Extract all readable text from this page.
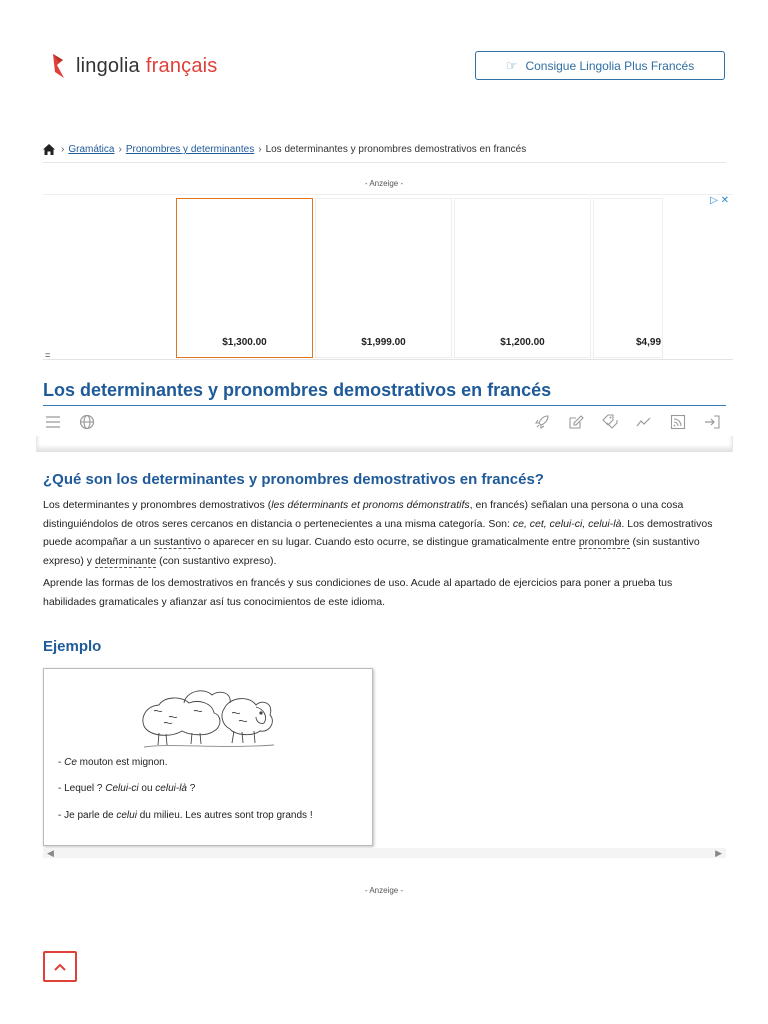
lingolia français	☞ Consigue Lingolia Plus Francés
› Gramática › Pronombres y determinantes › Los determinantes y pronombres demostrativos en francés
- Anzeige -
▷ ✕
$1,300.00	$1,999.00	$1,200.00	$4,99
=
Los determinantes y pronombres demostrativos en francés
¿Qué son los determinantes y pronombres demostrativos en francés?

Los determinantes y pronombres demostrativos (les déterminants et pronoms démonstratifs, en francés) señalan una persona o una cosa distinguiéndolos de otros seres cercanos en distancia o pertenecientes a una misma categoría. Son: ce, cet, celui-ci, celui-là. Los demostrativos puede acompañar a un sustantivo o aparecer en su lugar. Cuando esto ocurre, se distingue gramaticalmente entre pronombre (sin sustantivo expreso) y determinante (con sustantivo expreso).

Aprende las formas de los demostrativos en francés y sus condiciones de uso. Acude al apartado de ejercicios para poner a prueba tus habilidades gramaticales y afianzar así tus conocimientos de este idioma.

Ejemplo
- Ce mouton est mignon.
- Lequel ? Celui-ci ou celui-là ?
- Je parle de celui du milieu. Les autres sont trop grands !
◀	▶
- Anzeige -
